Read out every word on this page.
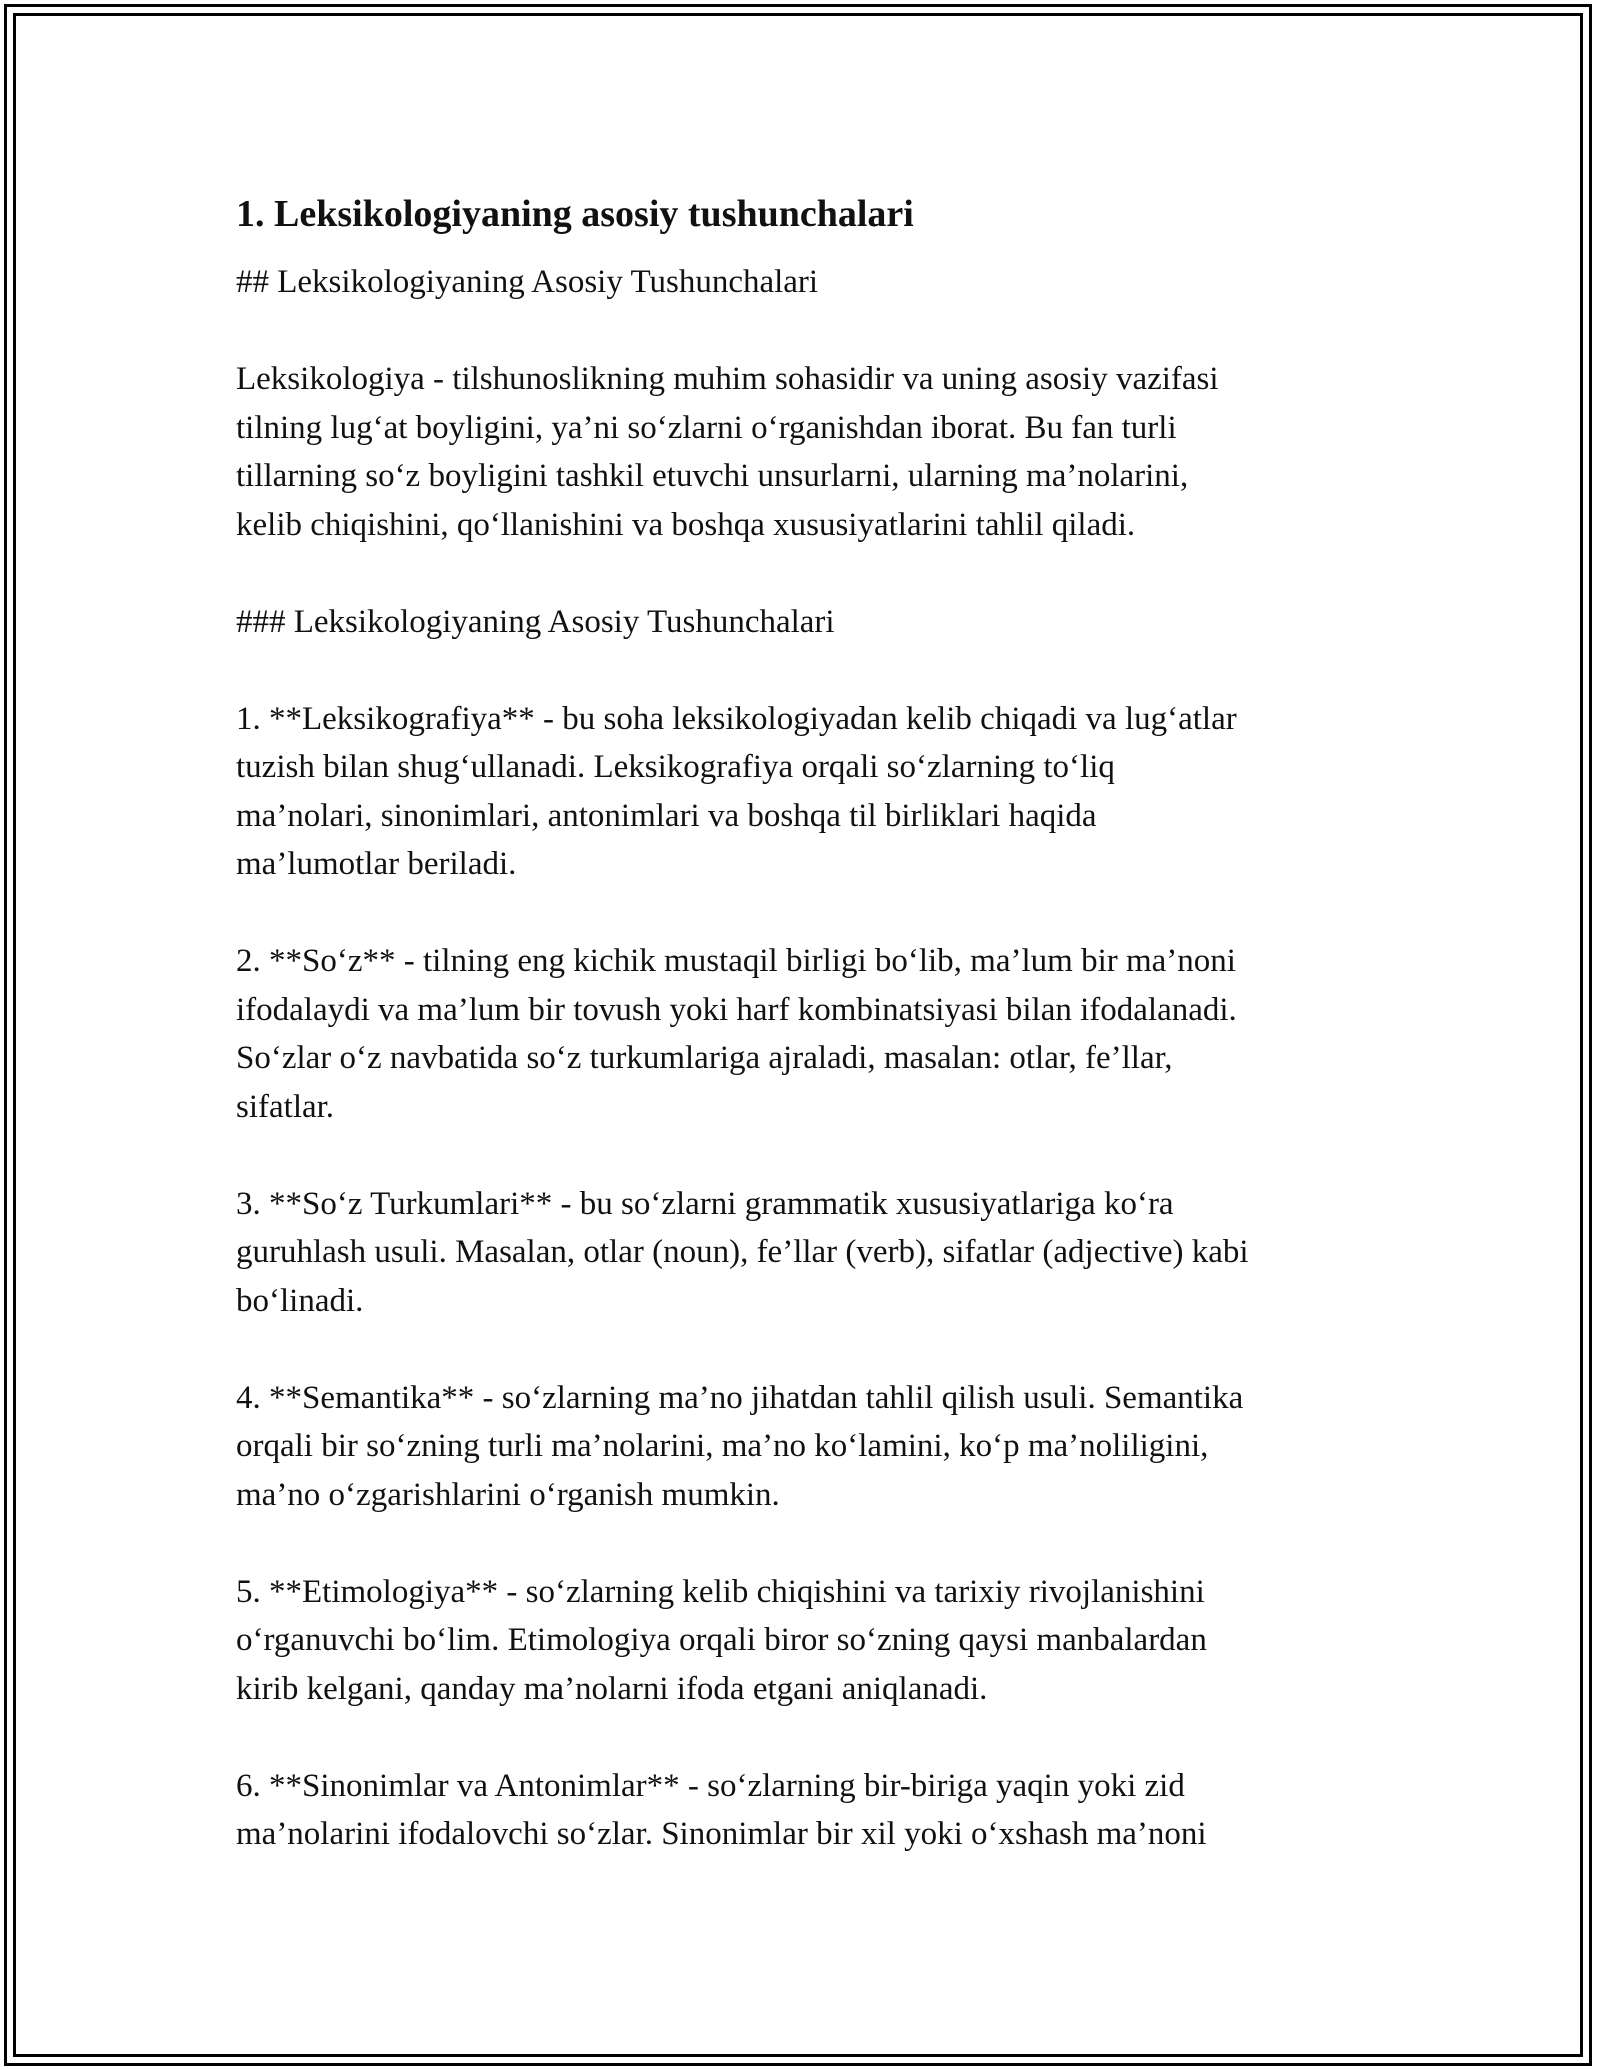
1. Leksikologiyaning asosiy tushunchalari

## Leksikologiyaning Asosiy Tushunchalari

Leksikologiya - tilshunoslikning muhim sohasidir va uning asosiy vazifasi
tilning lug‘at boyligini, ya’ni so‘zlarni o‘rganishdan iborat. Bu fan turli
tillarning so‘z boyligini tashkil etuvchi unsurlarni, ularning ma’nolarini,
kelib chiqishini, qo‘llanishini va boshqa xususiyatlarini tahlil qiladi.

### Leksikologiyaning Asosiy Tushunchalari

1. **Leksikografiya** - bu soha leksikologiyadan kelib chiqadi va lug‘atlar
tuzish bilan shug‘ullanadi. Leksikografiya orqali so‘zlarning to‘liq
ma’nolari, sinonimlari, antonimlari va boshqa til birliklari haqida
ma’lumotlar beriladi.

2. **So‘z** - tilning eng kichik mustaqil birligi bo‘lib, ma’lum bir ma’noni
ifodalaydi va ma’lum bir tovush yoki harf kombinatsiyasi bilan ifodalanadi.
So‘zlar o‘z navbatida so‘z turkumlariga ajraladi, masalan: otlar, fe’llar,
sifatlar.

3. **So‘z Turkumlari** - bu so‘zlarni grammatik xususiyatlariga ko‘ra
guruhlash usuli. Masalan, otlar (noun), fe’llar (verb), sifatlar (adjective) kabi
bo‘linadi.

4. **Semantika** - so‘zlarning ma’no jihatdan tahlil qilish usuli. Semantika
orqali bir so‘zning turli ma’nolarini, ma’no ko‘lamini, ko‘p ma’noliligini,
ma’no o‘zgarishlarini o‘rganish mumkin.

5. **Etimologiya** - so‘zlarning kelib chiqishini va tarixiy rivojlanishini
o‘rganuvchi bo‘lim. Etimologiya orqali biror so‘zning qaysi manbalardan
kirib kelgani, qanday ma’nolarni ifoda etgani aniqlanadi.

6. **Sinonimlar va Antonimlar** - so‘zlarning bir-biriga yaqin yoki zid
ma’nolarini ifodalovchi so‘zlar. Sinonimlar bir xil yoki o‘xshash ma’noni
